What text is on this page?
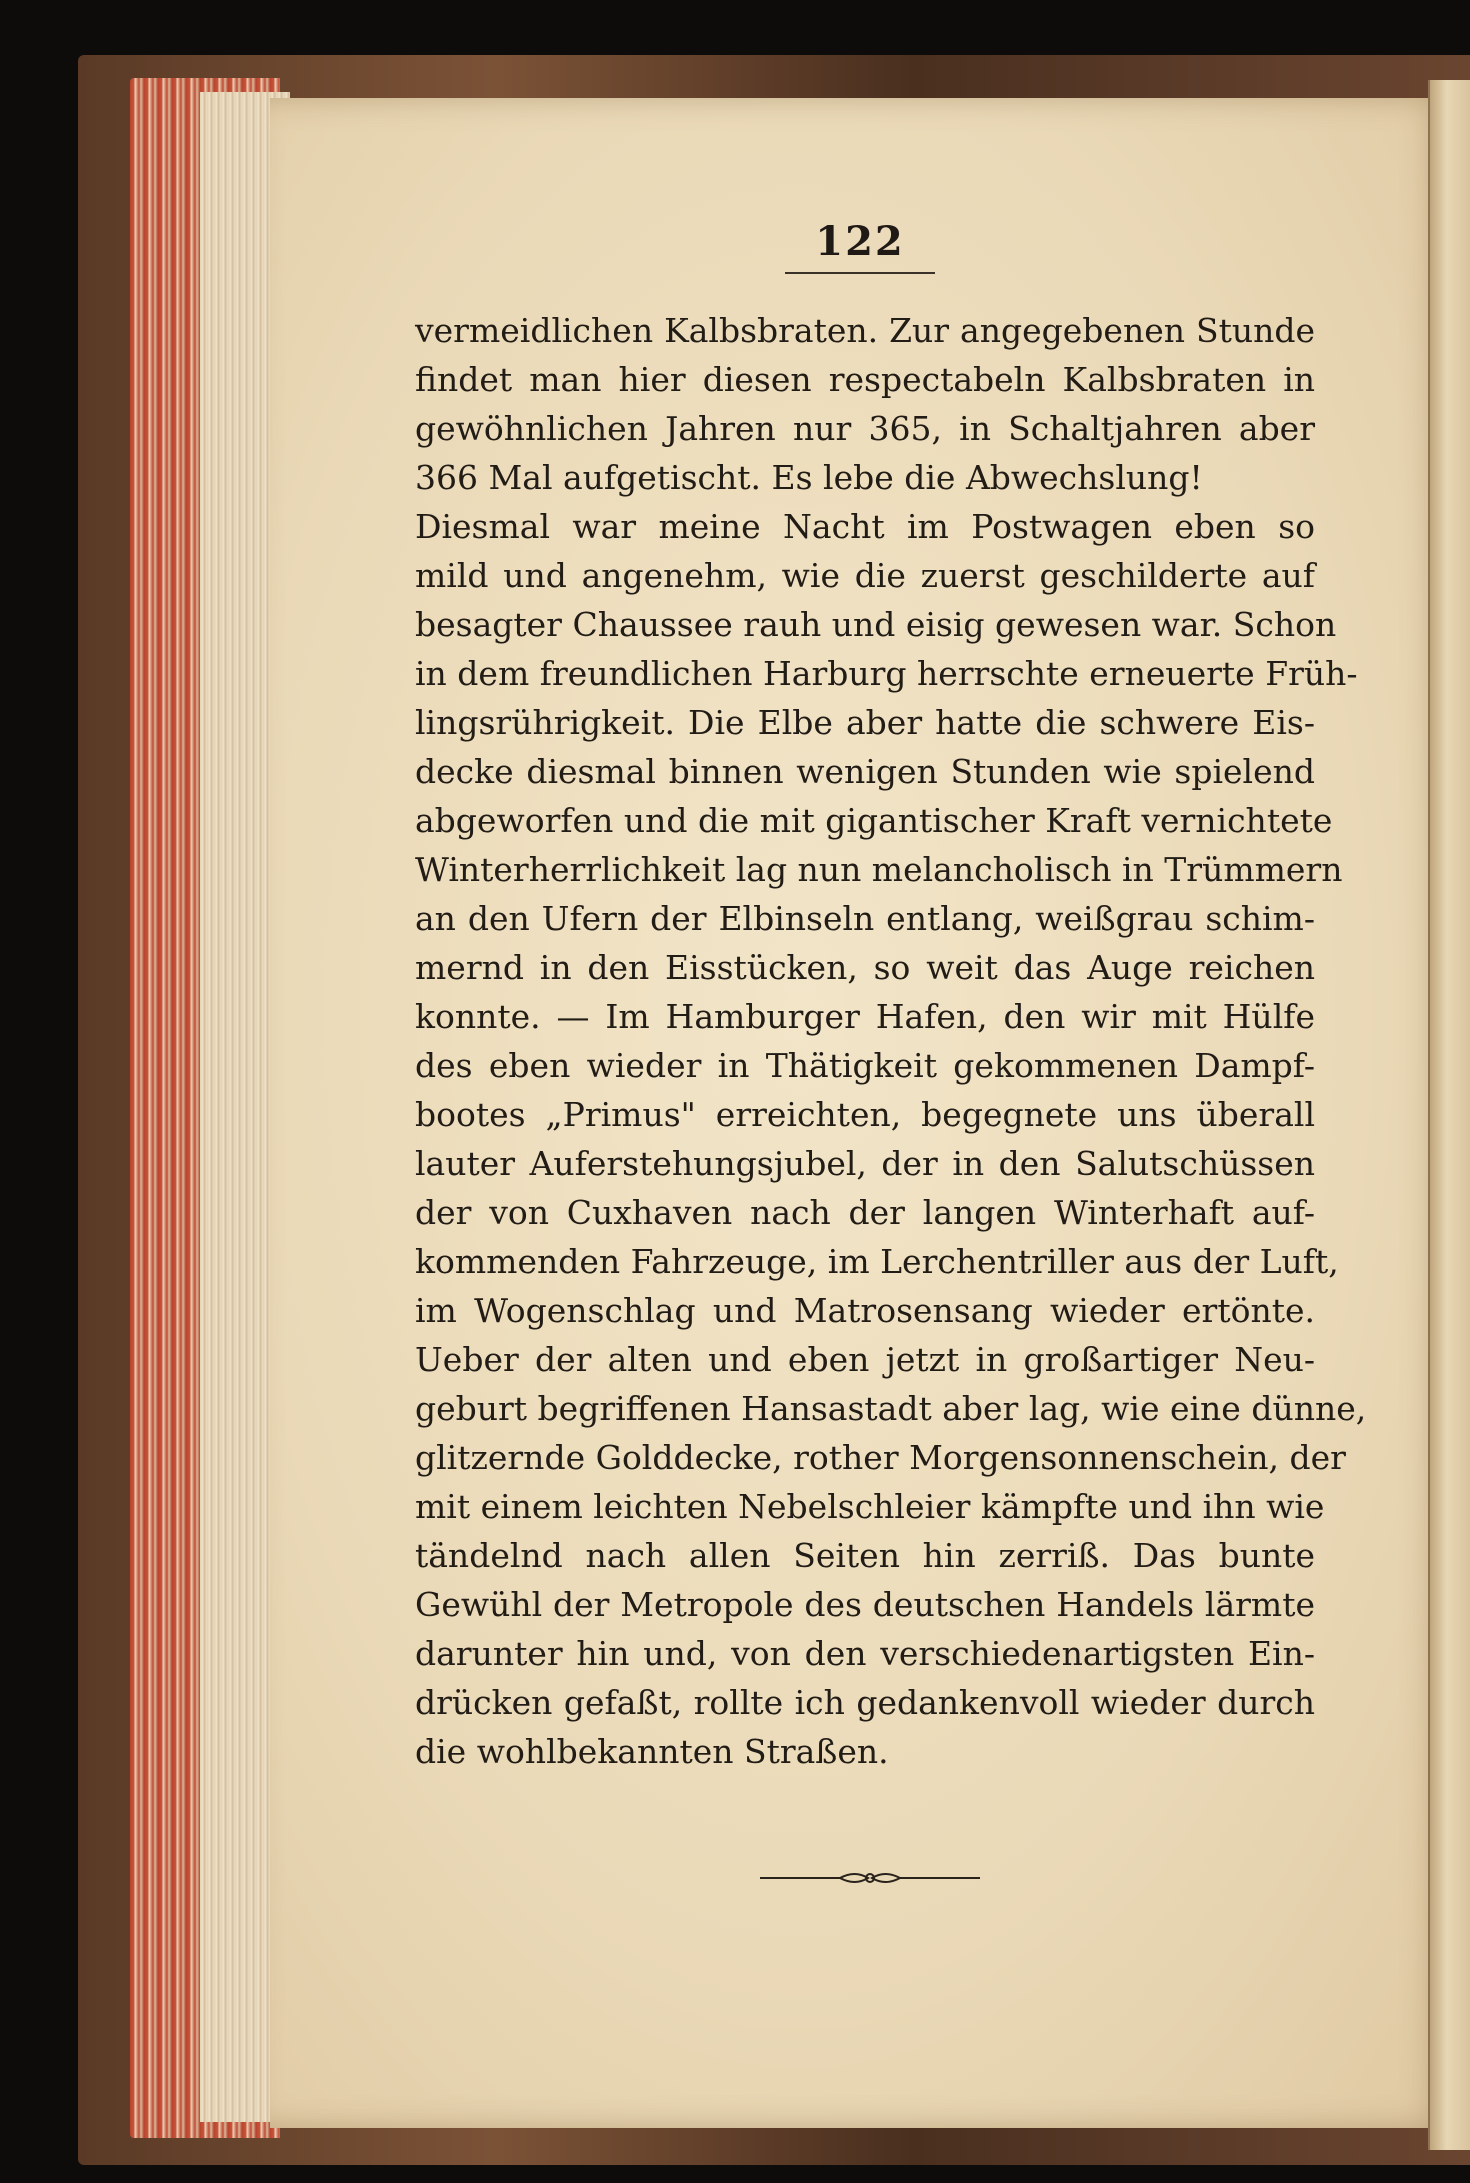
122
vermeidlichen Kalbsbraten. Zur angegebenen Stunde
findet man hier diesen respectabeln Kalbsbraten in
gewöhnlichen Jahren nur 365, in Schaltjahren aber
366 Mal aufgetischt. Es lebe die Abwechslung!
Diesmal war meine Nacht im Postwagen eben so
mild und angenehm, wie die zuerst geschilderte auf
besagter Chaussee rauh und eisig gewesen war. Schon
in dem freundlichen Harburg herrschte erneuerte Früh-
lingsrührigkeit. Die Elbe aber hatte die schwere Eis-
decke diesmal binnen wenigen Stunden wie spielend
abgeworfen und die mit gigantischer Kraft vernichtete
Winterherrlichkeit lag nun melancholisch in Trümmern
an den Ufern der Elbinseln entlang, weißgrau schim-
mernd in den Eisstücken, so weit das Auge reichen
konnte. — Im Hamburger Hafen, den wir mit Hülfe
des eben wieder in Thätigkeit gekommenen Dampf-
bootes „Primus" erreichten, begegnete uns überall
lauter Auferstehungsjubel, der in den Salutschüssen
der von Cuxhaven nach der langen Winterhaft auf-
kommenden Fahrzeuge, im Lerchentriller aus der Luft,
im Wogenschlag und Matrosensang wieder ertönte.
Ueber der alten und eben jetzt in großartiger Neu-
geburt begriffenen Hansastadt aber lag, wie eine dünne,
glitzernde Golddecke, rother Morgensonnenschein, der
mit einem leichten Nebelschleier kämpfte und ihn wie
tändelnd nach allen Seiten hin zerriß. Das bunte
Gewühl der Metropole des deutschen Handels lärmte
darunter hin und, von den verschiedenartigsten Ein-
drücken gefaßt, rollte ich gedankenvoll wieder durch
die wohlbekannten Straßen.
